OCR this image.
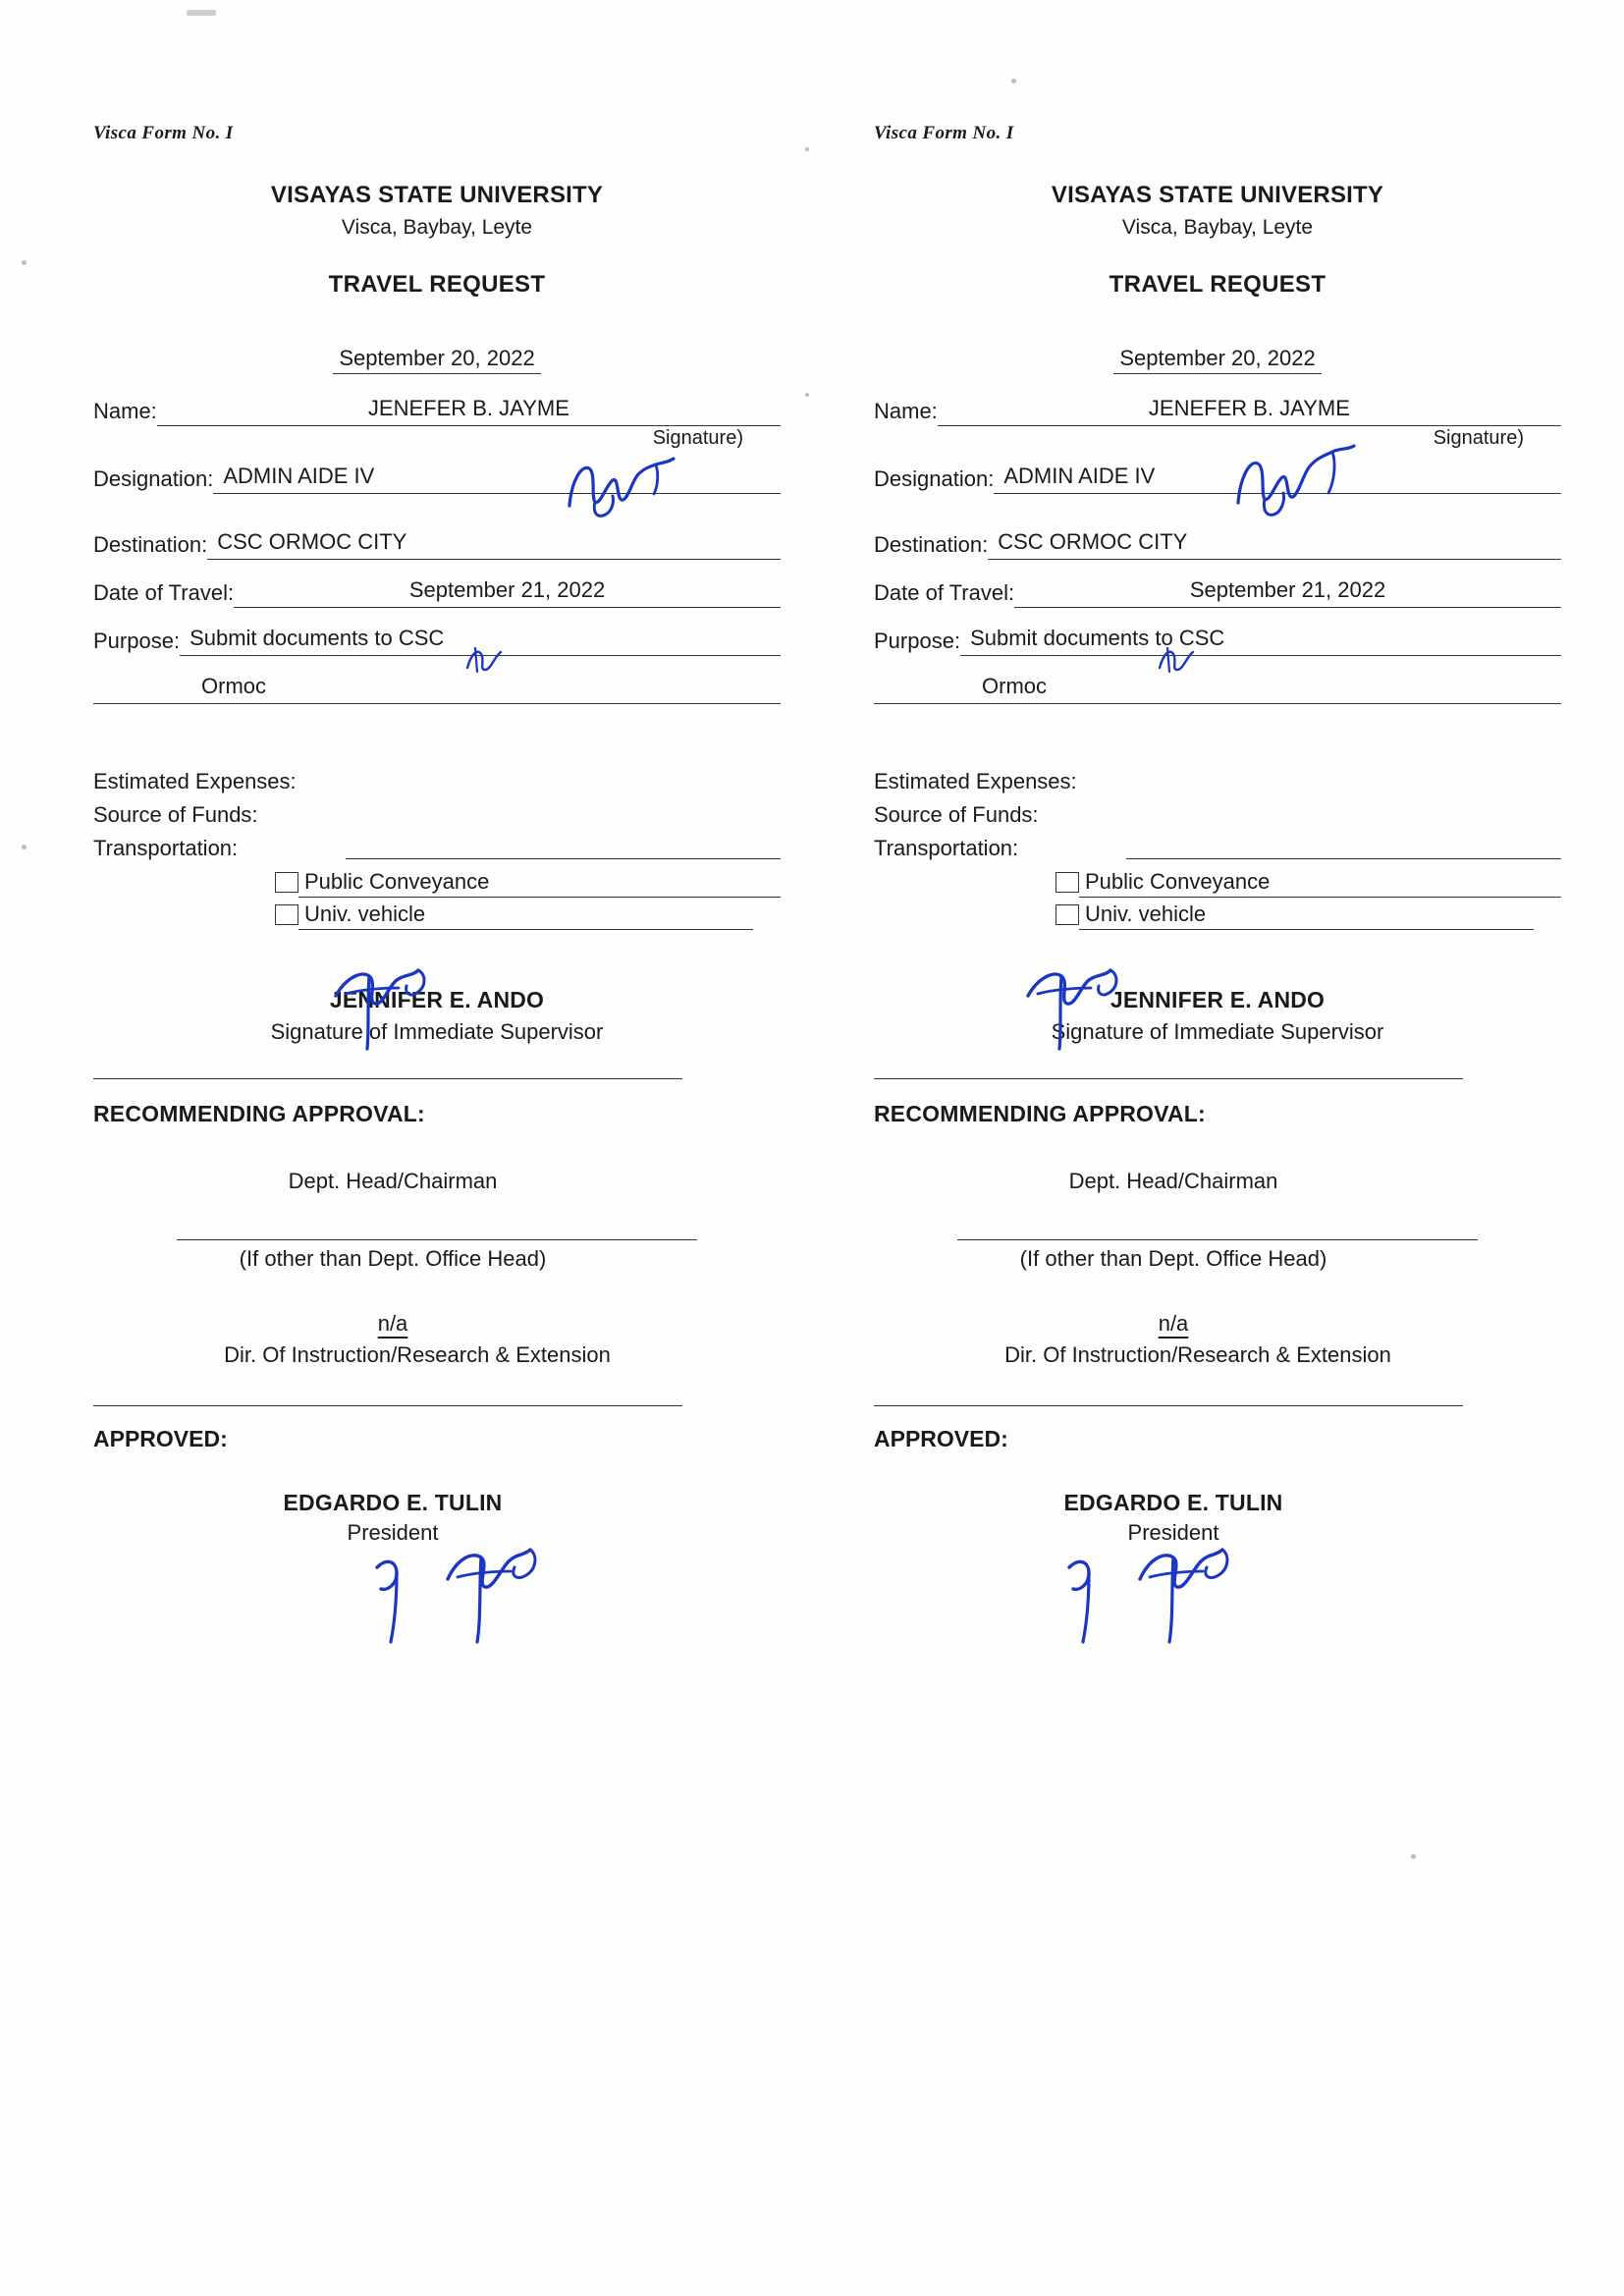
Visca Form No. I
VISAYAS STATE UNIVERSITY
Visca, Baybay, Leyte
TRAVEL REQUEST
September 20, 2022
Name:	JENEFER B. JAYME
Signature)
Designation: ADMIN AIDE IV
Destination: CSC ORMOC CITY
Date of Travel:	September 21, 2022
Purpose: Submit documents to CSC
Ormoc
Estimated Expenses:
Source of Funds:
Transportation:
Public Conveyance
Univ. vehicle
JENNIFER E. ANDO
Signature of Immediate Supervisor
RECOMMENDING APPROVAL:
Dept. Head/Chairman
(If other than Dept. Office Head)
n/a
Dir. Of Instruction/Research & Extension
APPROVED:
EDGARDO E. TULIN
President
Visca Form No. I
VISAYAS STATE UNIVERSITY
Visca, Baybay, Leyte
TRAVEL REQUEST
September 20, 2022
Name:	JENEFER B. JAYME
Signature)
Designation: ADMIN AIDE IV
Destination: CSC ORMOC CITY
Date of Travel:	September 21, 2022
Purpose: Submit documents to CSC
Ormoc
Estimated Expenses:
Source of Funds:
Transportation:
Public Conveyance
Univ. vehicle
JENNIFER E. ANDO
Signature of Immediate Supervisor
RECOMMENDING APPROVAL:
Dept. Head/Chairman
(If other than Dept. Office Head)
n/a
Dir. Of Instruction/Research & Extension
APPROVED:
EDGARDO E. TULIN
President
